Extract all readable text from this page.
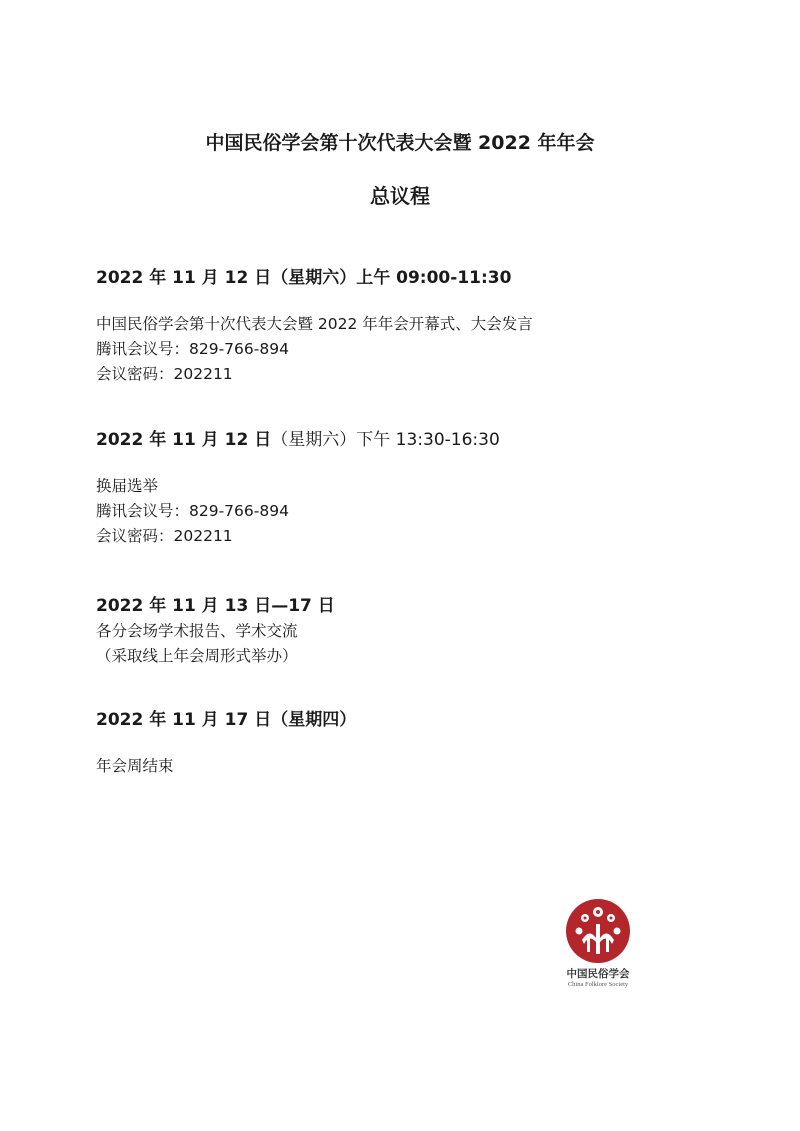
中国民俗学会第十次代表大会暨 2022 年年会
总议程

2022 年 11 月 12 日（星期六）上午 09:00-11:30

中国民俗学会第十次代表大会暨 2022 年年会开幕式、大会发言
腾讯会议号：829-766-894
会议密码：202211

2022 年 11 月 12 日（星期六）下午 13:30-16:30

换届选举
腾讯会议号：829-766-894
会议密码：202211

2022 年 11 月 13 日—17 日

各分会场学术报告、学术交流
（采取线上年会周形式举办）

2022 年 11 月 17 日（星期四）

年会周结束

中国民俗学会
China Folklore Society
